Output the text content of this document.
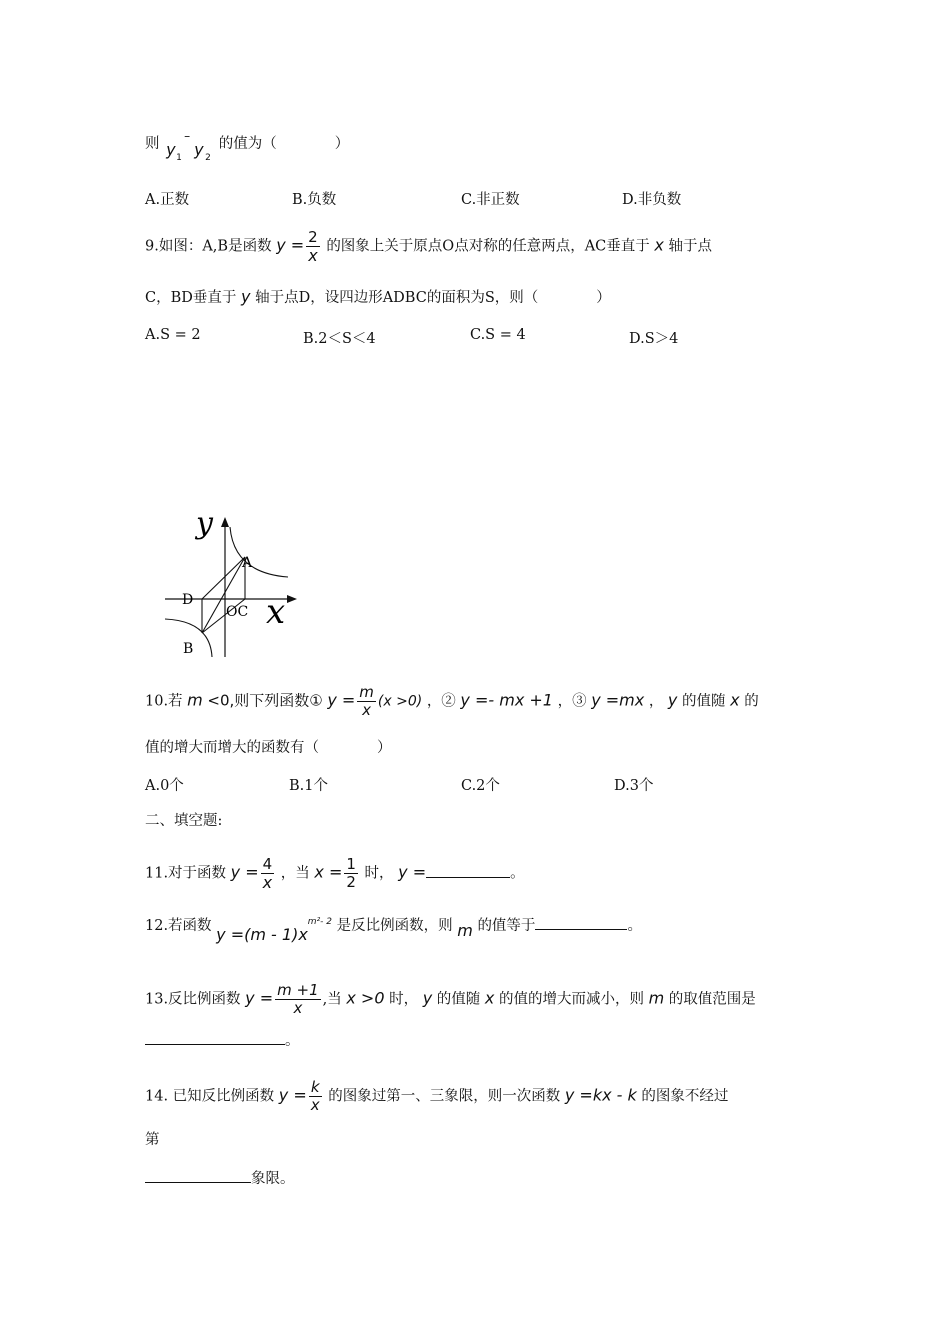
则 y 1
–
y 2
的值为（　　　　）
A.正数	B.负数	C.非正数	D.非负数
9.如图：A,B是函数 $y = \frac{2}{x}$ 的图象上关于原点O点对称的任意两点，AC垂直于 x 轴于点
C，BD垂直于 y 轴于点D，设四边形ADBC的面积为S，则（　　　　）
A.S = 2	B.2＜S＜4	C.S = 4	D.S＞4
y
x
A
D
OC
B
10.若 m <0,则下列函数① $y = \frac{m}{x} (x >0)$ ，② y =- mx +1 ，③ y =mx ， y 的值随 x 的
值的增大而增大的函数有（　　　　）
A.0个	B.1个	C.2个	D.3个
二、填空题:
11.对于函数 $y = \frac{4}{x}$ ，当 $x = \frac{1}{2}$ 时， y =	。
12.若函数 $y =(m - 1)x^{m^2- 2}$ 是反比例函数，则 m 的值等于	。
13.反比例函数 $y = \frac{m +1}{x}$ ,当 x >0 时， y 的值随 x 的值的增大而减小，则 m 的取值范围是
。
14. 已知反比例函数 $y = \frac{k}{x}$ 的图象过第一、三象限，则一次函数 y =kx - k 的图象不经过
第
象限。
